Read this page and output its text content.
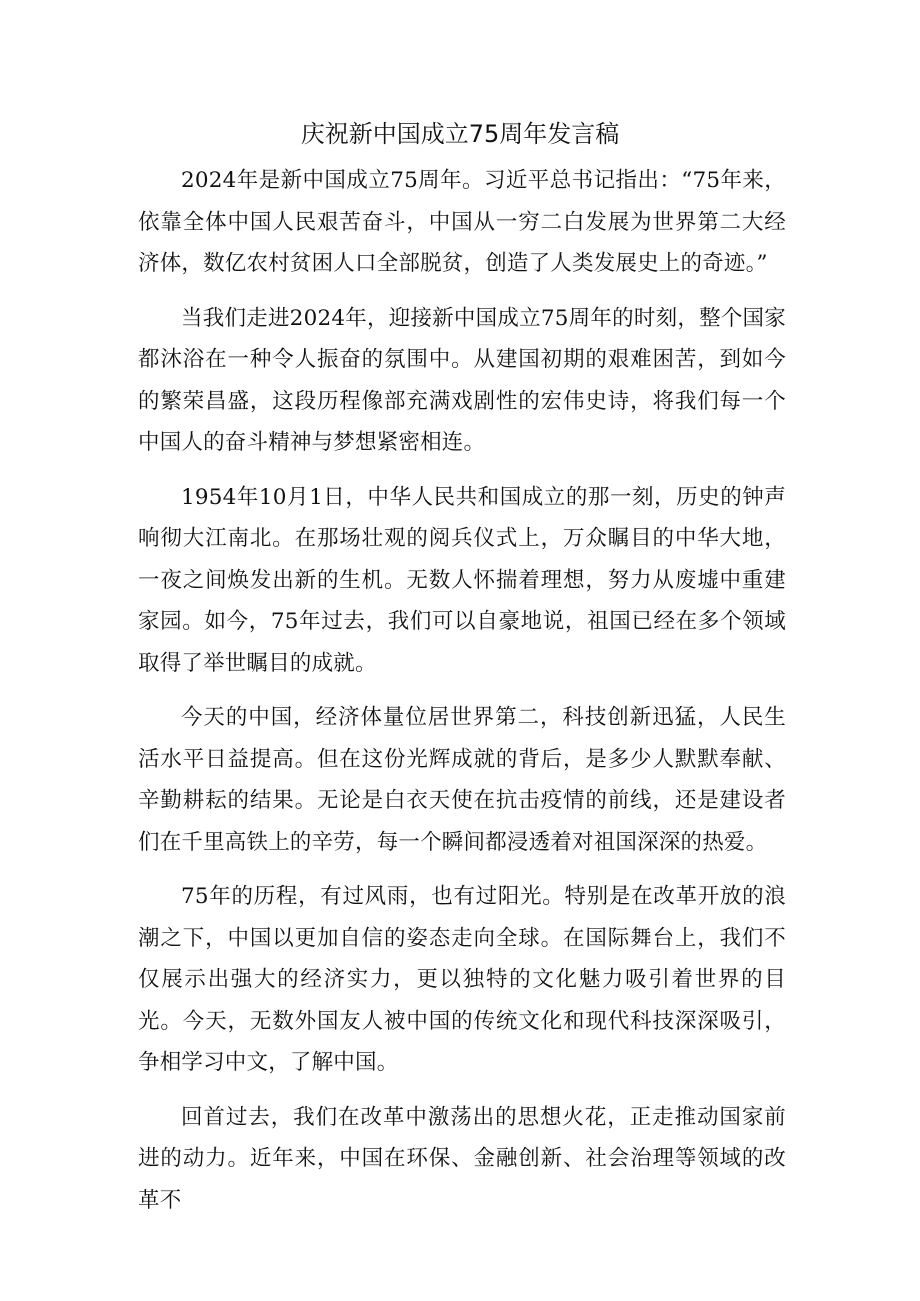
庆祝新中国成立75周年发言稿

2024年是新中国成立75周年。习近平总书记指出：“75年来，依靠全体中国人民艰苦奋斗，中国从一穷二白发展为世界第二大经济体，数亿农村贫困人口全部脱贫，创造了人类发展史上的奇迹。”

当我们走进2024年，迎接新中国成立75周年的时刻，整个国家都沐浴在一种令人振奋的氛围中。从建国初期的艰难困苦，到如今的繁荣昌盛，这段历程像部充满戏剧性的宏伟史诗，将我们每一个中国人的奋斗精神与梦想紧密相连。

1954年10月1日，中华人民共和国成立的那一刻，历史的钟声响彻大江南北。在那场壮观的阅兵仪式上，万众瞩目的中华大地，一夜之间焕发出新的生机。无数人怀揣着理想，努力从废墟中重建家园。如今，75年过去，我们可以自豪地说，祖国已经在多个领域取得了举世瞩目的成就。

今天的中国，经济体量位居世界第二，科技创新迅猛，人民生活水平日益提高。但在这份光辉成就的背后，是多少人默默奉献、辛勤耕耘的结果。无论是白衣天使在抗击疫情的前线，还是建设者们在千里高铁上的辛劳，每一个瞬间都浸透着对祖国深深的热爱。

75年的历程，有过风雨，也有过阳光。特别是在改革开放的浪潮之下，中国以更加自信的姿态走向全球。在国际舞台上，我们不仅展示出强大的经济实力，更以独特的文化魅力吸引着世界的目光。今天，无数外国友人被中国的传统文化和现代科技深深吸引，争相学习中文，了解中国。

回首过去，我们在改革中激荡出的思想火花，正走推动国家前进的动力。近年来，中国在环保、金融创新、社会治理等领域的改革不
